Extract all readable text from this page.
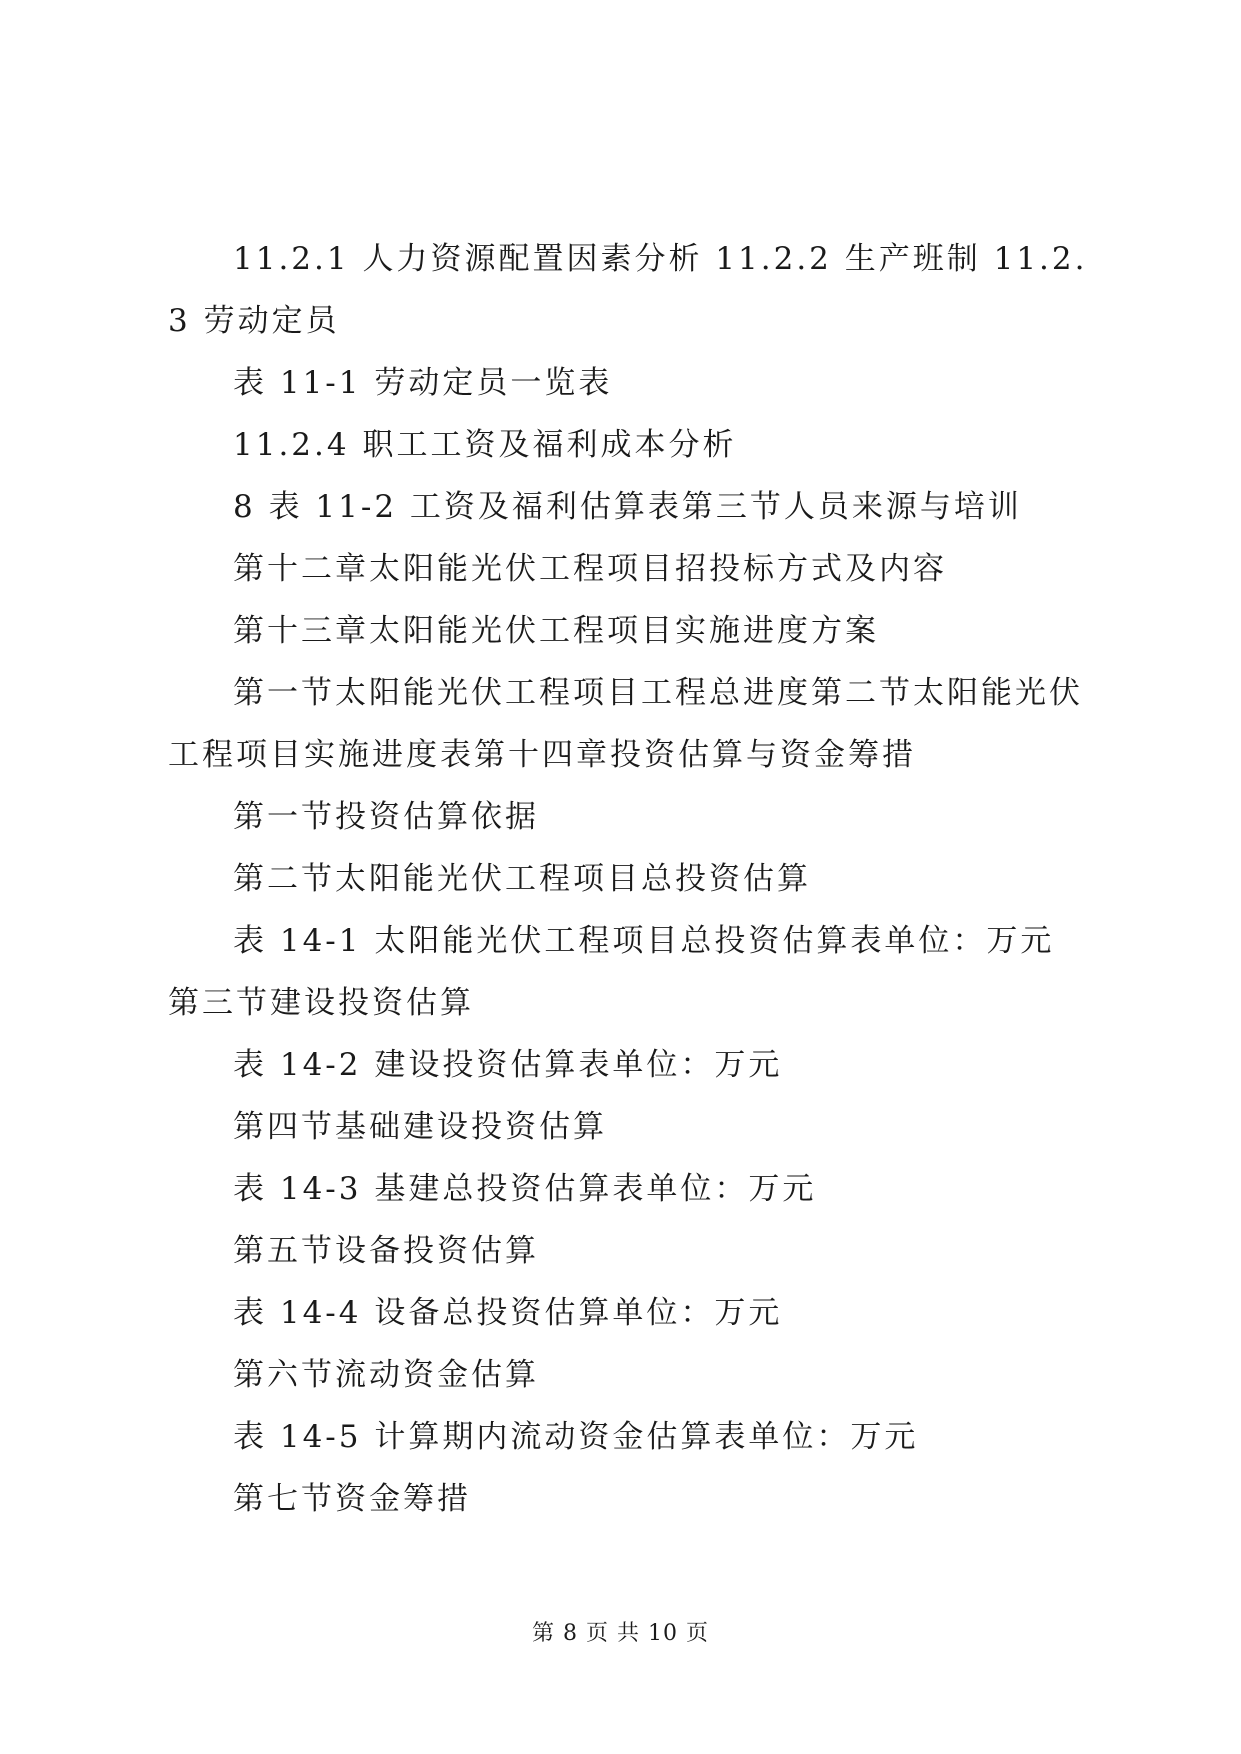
11.2.1 人力资源配置因素分析 11.2.2 生产班制 11.2.3 劳动定员

表 11-1 劳动定员一览表

11.2.4 职工工资及福利成本分析

8 表 11-2 工资及福利估算表第三节人员来源与培训

第十二章太阳能光伏工程项目招投标方式及内容

第十三章太阳能光伏工程项目实施进度方案

第一节太阳能光伏工程项目工程总进度第二节太阳能光伏工程项目实施进度表第十四章投资估算与资金筹措

第一节投资估算依据

第二节太阳能光伏工程项目总投资估算

表 14-1 太阳能光伏工程项目总投资估算表单位：万元第三节建设投资估算

表 14-2 建设投资估算表单位：万元

第四节基础建设投资估算

表 14-3 基建总投资估算表单位：万元

第五节设备投资估算

表 14-4 设备总投资估算单位：万元

第六节流动资金估算

表 14-5 计算期内流动资金估算表单位：万元

第七节资金筹措

第 8 页 共 10 页
